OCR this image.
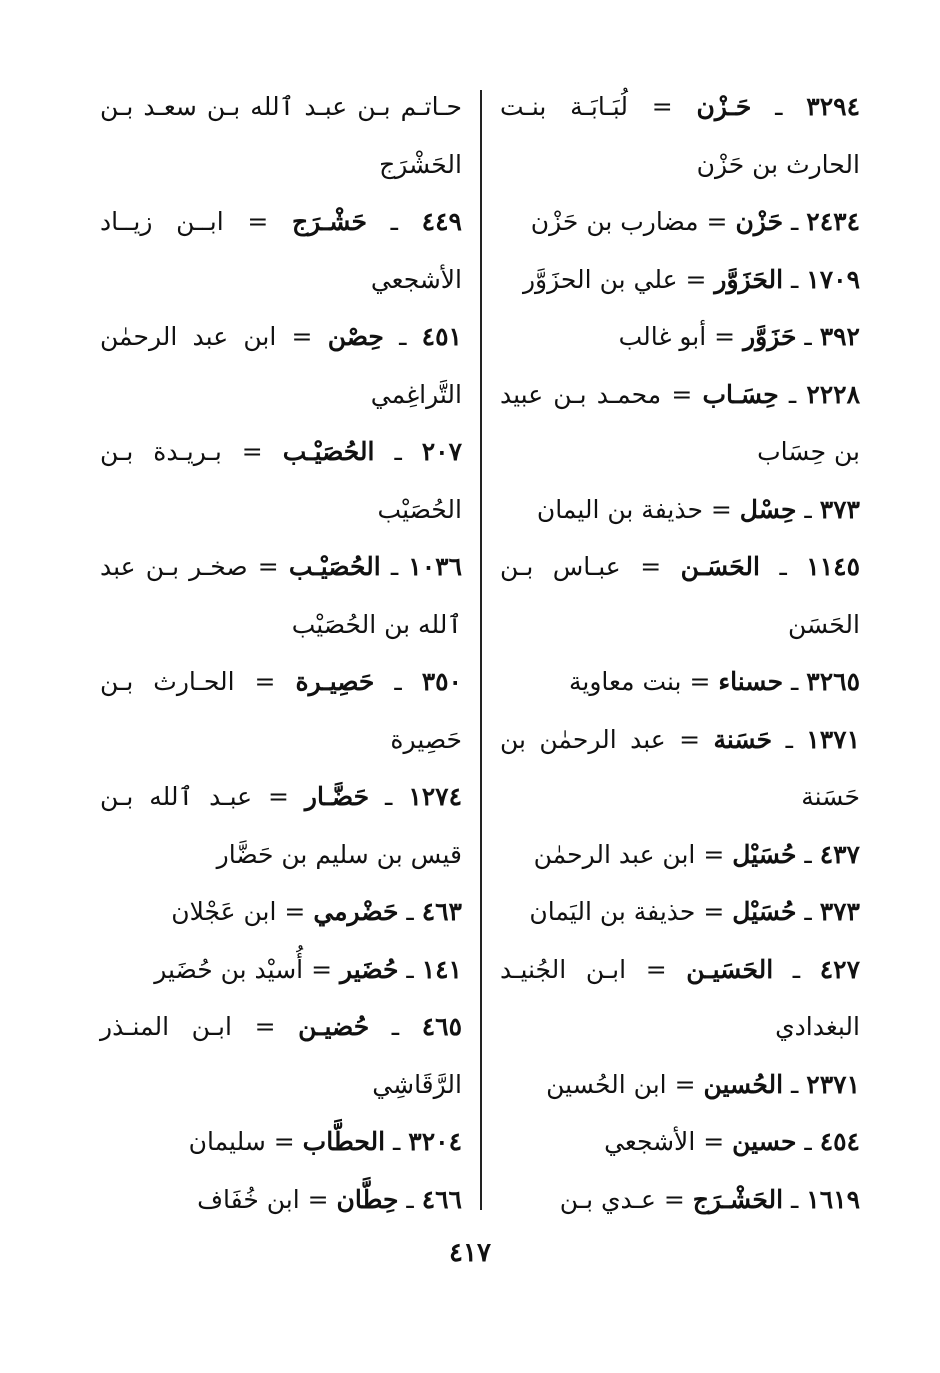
٣٢٩٤ ـ حَـزْن = لُبَـابَـة بنـت الحارث بن حَزْن

٢٤٣٤ ـ حَزْن = مضارب بن حَزْن

١٧٠٩ ـ الحَزَوَّر = علي بن الحزَوَّر

٣٩٢ ـ حَزَوَّر = أبو غالب

٢٢٢٨ ـ حِسَـاب = محمـد بـن عبيد بن حِسَاب

٣٧٣ ـ حِسْل = حذيفة بن اليمان

١١٤٥ ـ الحَسَـن = عبـاس بـن الحَسَن

٣٢٦٥ ـ حسناء = بنت معاوية

١٣٧١ ـ حَسَنة = عبد الرحمٰن بن حَسَنة

٤٣٧ ـ حُسَيْل = ابن عبد الرحمٰن

٣٧٣ ـ حُسَيْل = حذيفة بن اليَمان

٤٢٧ ـ الحَسَيـن = ابـن الجُنيـد البغدادي

٢٣٧١ ـ الحُسين = ابن الحُسين

٤٥٤ ـ حسين = الأشجعي

١٦١٩ ـ الحَشْـرَج = عـدي بـن

حـاتـم بـن عبـد ٱلله بـن سعـد بـن الحَشْرَج

٤٤٩ ـ حَشْـرَج = ابــن زيــاد الأشجعي

٤٥١ ـ حِصْن = ابن عبد الرحمٰن التَّراغِمي

٢٠٧ ـ الحُصَيْـب = بـريـدة بـن الحُصَيْب

١٠٣٦ ـ الحُصَيْـب = صخـر بـن عبد ٱلله بن الحُصَيْب

٣٥٠ ـ حَصِيـرة = الحـارث بـن حَصِيرة

١٢٧٤ ـ حَضَّـار = عبـد ٱلله بـن قيس بن سليم بن حَضَّار

٤٦٣ ـ حَضْرمي = ابن عَجْلان

١٤١ ـ حُضَير = أُسيْد بن حُضَير

٤٦٥ ـ حُضيـن = ابـن المنـذر الرَّقَاشِي

٣٢٠٤ ـ الحطَّاب = سليمان

٤٦٦ ـ حِطَّان = ابن خُفَاف

٤١٧
